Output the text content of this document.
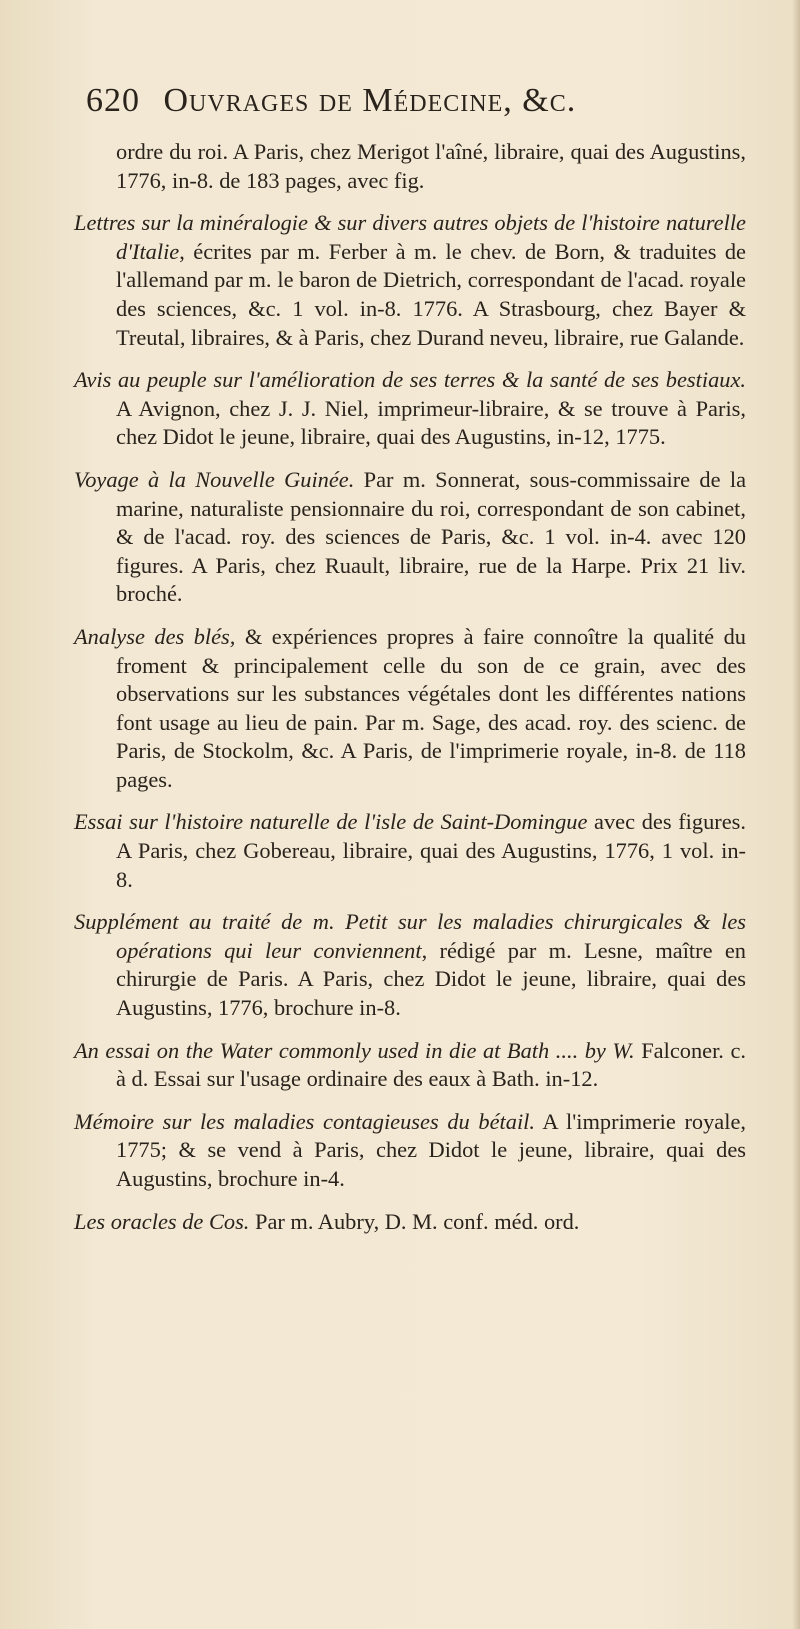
620 Ouvrages de Médecine, &c.

ordre du roi. A Paris, chez Merigot l'aîné, libraire, quai des Augustins, 1776, in-8. de 183 pages, avec fig.

Lettres sur la minéralogie & sur divers autres objets de l'histoire naturelle d'Italie, écrites par m. Ferber à m. le chev. de Born, & traduites de l'allemand par m. le baron de Dietrich, correspondant de l'acad. royale des sciences, &c. 1 vol. in-8. 1776. A Strasbourg, chez Bayer & Treutal, libraires, & à Paris, chez Durand neveu, libraire, rue Galande.

Avis au peuple sur l'amélioration de ses terres & la santé de ses bestiaux. A Avignon, chez J. J. Niel, imprimeur-libraire, & se trouve à Paris, chez Didot le jeune, libraire, quai des Augustins, in-12, 1775.

Voyage à la Nouvelle Guinée. Par m. Sonnerat, sous-commissaire de la marine, naturaliste pensionnaire du roi, correspondant de son cabinet, & de l'acad. roy. des sciences de Paris, &c. 1 vol. in-4. avec 120 figures. A Paris, chez Ruault, libraire, rue de la Harpe. Prix 21 liv. broché.

Analyse des blés, & expériences propres à faire connoître la qualité du froment & principalement celle du son de ce grain, avec des observations sur les substances végétales dont les différentes nations font usage au lieu de pain. Par m. Sage, des acad. roy. des scienc. de Paris, de Stockolm, &c. A Paris, de l'imprimerie royale, in-8. de 118 pages.

Essai sur l'histoire naturelle de l'isle de Saint-Domingue avec des figures. A Paris, chez Gobereau, libraire, quai des Augustins, 1776, 1 vol. in-8.

Supplément au traité de m. Petit sur les maladies chirurgicales & les opérations qui leur conviennent, rédigé par m. Lesne, maître en chirurgie de Paris. A Paris, chez Didot le jeune, libraire, quai des Augustins, 1776, brochure in-8.

An essai on the Water commonly used in die at Bath .... by W. Falconer. c. à d. Essai sur l'usage ordinaire des eaux à Bath. in-12.

Mémoire sur les maladies contagieuses du bétail. A l'imprimerie royale, 1775; & se vend à Paris, chez Didot le jeune, libraire, quai des Augustins, brochure in-4.

Les oracles de Cos. Par m. Aubry, D. M. conf. méd. ord.
